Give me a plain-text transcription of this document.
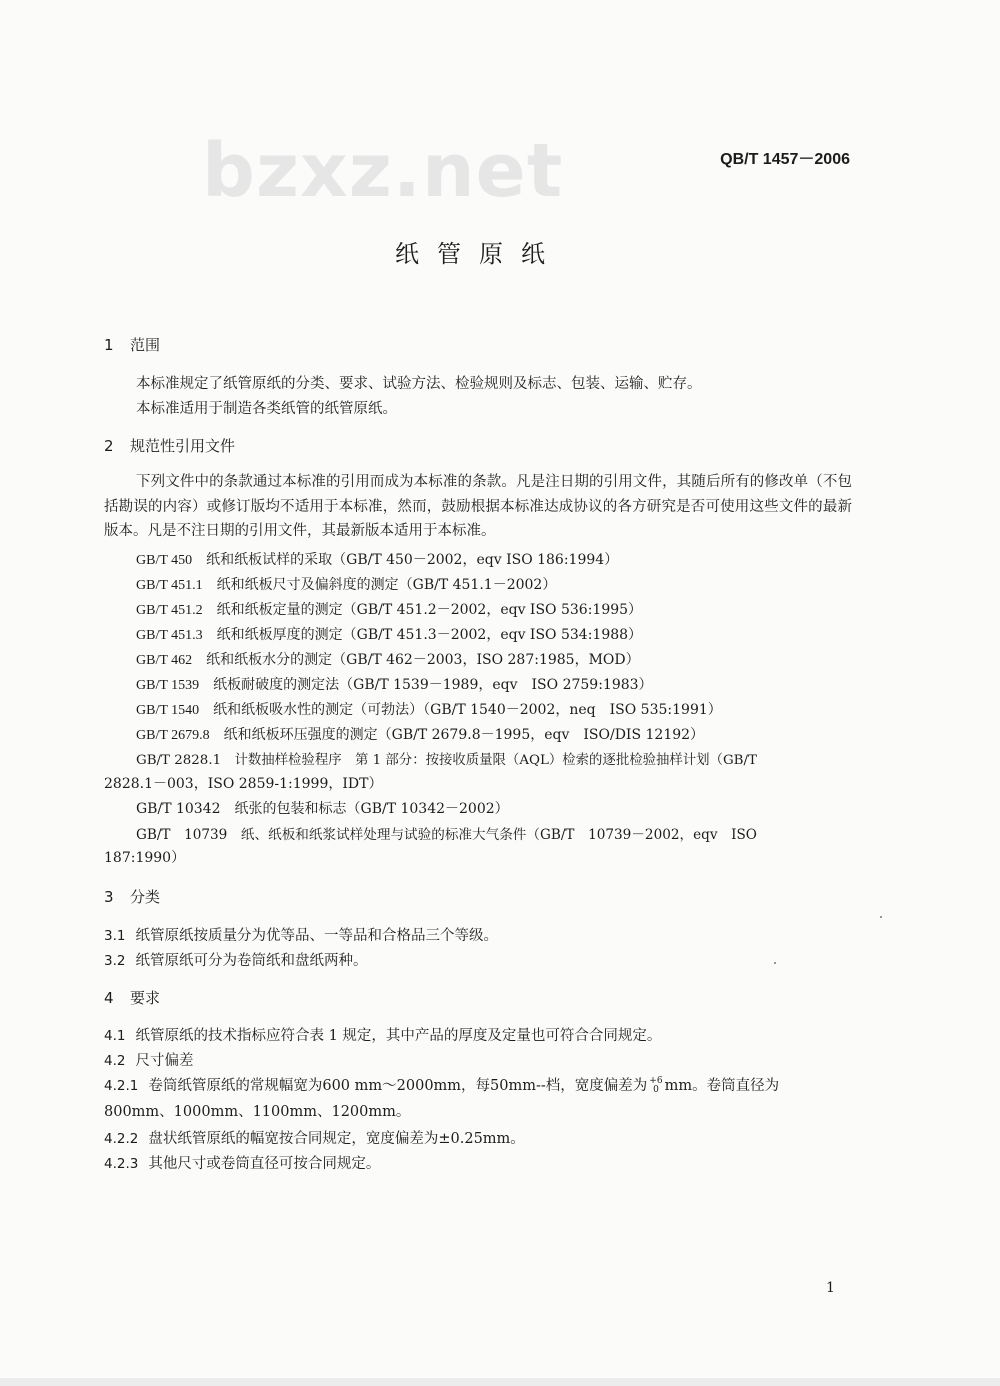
bzxz.net	QB/T 1457－2006
纸管原纸
1 范围
本标准规定了纸管原纸的分类、要求、试验方法、检验规则及标志、包装、运输、贮存。
本标准适用于制造各类纸管的纸管原纸。
2 规范性引用文件
下列文件中的条款通过本标准的引用而成为本标准的条款。凡是注日期的引用文件，其随后所有的修改单（不包括勘误的内容）或修订版均不适用于本标准，然而，鼓励根据本标准达成协议的各方研究是否可使用这些文件的最新版本。凡是不注日期的引用文件，其最新版本适用于本标准。
GB/T 450 纸和纸板试样的采取（GB/T 450－2002，eqv ISO 186:1994）
GB/T 451.1 纸和纸板尺寸及偏斜度的测定（GB/T 451.1－2002）
GB/T 451.2 纸和纸板定量的测定（GB/T 451.2－2002，eqv ISO 536:1995）
GB/T 451.3 纸和纸板厚度的测定（GB/T 451.3－2002，eqv ISO 534:1988）
GB/T 462 纸和纸板水分的测定（GB/T 462－2003，ISO 287:1985，MOD）
GB/T 1539 纸板耐破度的测定法（GB/T 1539－1989，eqv　ISO 2759:1983）
GB/T 1540 纸和纸板吸水性的测定（可勃法）（GB/T 1540－2002，neq　ISO 535:1991）
GB/T 2679.8 纸和纸板环压强度的测定（GB/T 2679.8－1995，eqv　ISO/DIS 12192）
GB/T 2828.1　计数抽样检验程序　第 1 部分：按接收质量限（AQL）检索的逐批检验抽样计划（GB/T
2828.1－003，ISO 2859-1:1999，IDT）
GB/T 10342　纸张的包装和标志（GB/T 10342－2002）
GB/T　10739　纸、纸板和纸浆试样处理与试验的标准大气条件（GB/T　10739－2002，eqv　ISO
187:1990）
3 分类
3.1 纸管原纸按质量分为优等品、一等品和合格品三个等级。
3.2 纸管原纸可分为卷筒纸和盘纸两种。
4 要求
4.1 纸管原纸的技术指标应符合表 1 规定，其中产品的厚度及定量也可符合合同规定。
4.2 尺寸偏差
4.2.1 卷筒纸管原纸的常规幅宽为600 mm～2000mm，每50mm--档，宽度偏差为 +6
0 mm。卷筒直径为
800mm、1000mm、1100mm、1200mm。
4.2.2 盘状纸管原纸的幅宽按合同规定，宽度偏差为±0.25mm。
4.2.3 其他尺寸或卷筒直径可按合同规定。
1
